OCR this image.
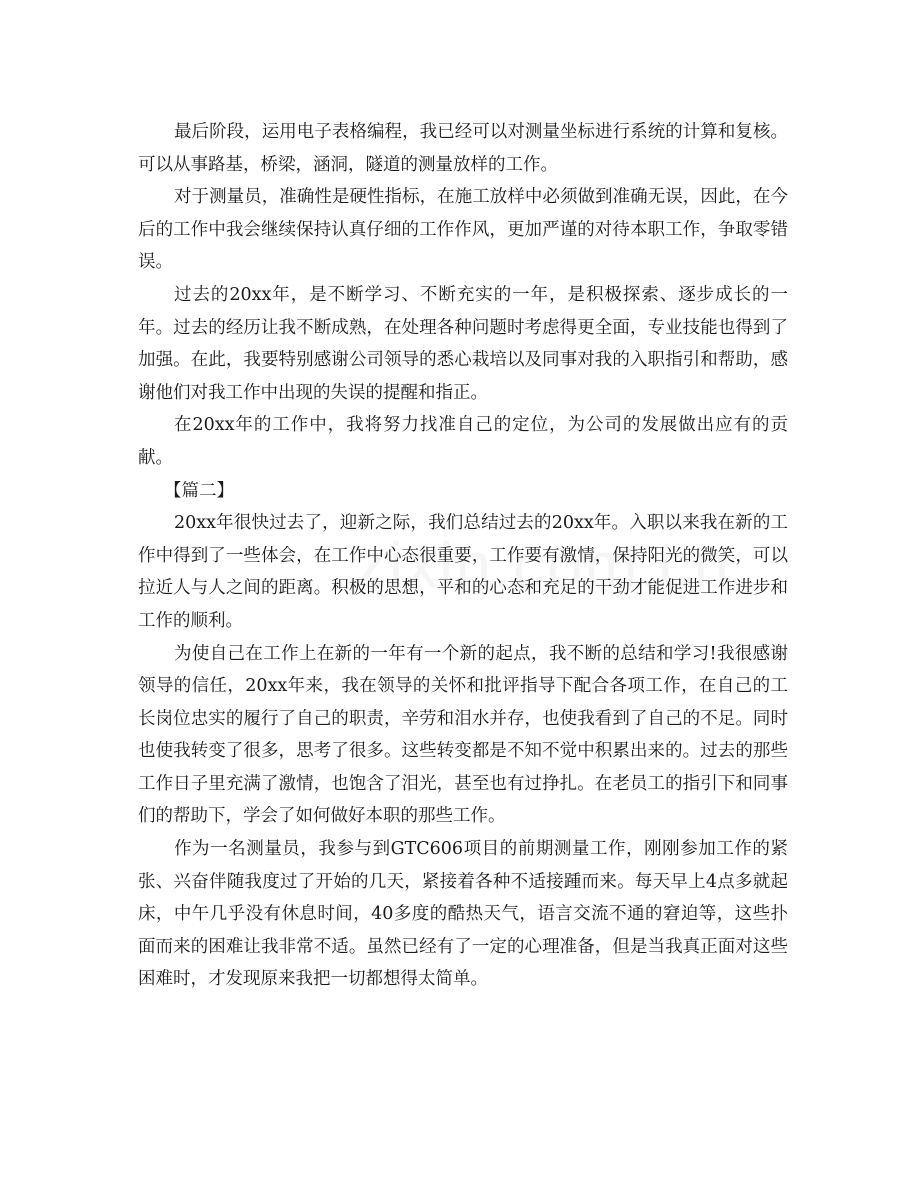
最后阶段，运用电子表格编程，我已经可以对测量坐标进行系统的计算和复核。可以从事路基，桥梁，涵洞，隧道的测量放样的工作。

对于测量员，准确性是硬性指标，在施工放样中必须做到准确无误，因此，在今后的工作中我会继续保持认真仔细的工作作风，更加严谨的对待本职工作，争取零错误。

过去的20xx年，是不断学习、不断充实的一年，是积极探索、逐步成长的一年。过去的经历让我不断成熟，在处理各种问题时考虑得更全面，专业技能也得到了加强。在此，我要特别感谢公司领导的悉心栽培以及同事对我的入职指引和帮助，感谢他们对我工作中出现的失误的提醒和指正。

在20xx年的工作中，我将努力找准自己的定位，为公司的发展做出应有的贡献。

【篇二】

20xx年很快过去了，迎新之际，我们总结过去的20xx年。入职以来我在新的工作中得到了一些体会，在工作中心态很重要，工作要有激情，保持阳光的微笑，可以拉近人与人之间的距离。积极的思想，平和的心态和充足的干劲才能促进工作进步和工作的顺利。

为使自己在工作上在新的一年有一个新的起点，我不断的总结和学习!我很感谢领导的信任，20xx年来，我在领导的关怀和批评指导下配合各项工作，在自己的工长岗位忠实的履行了自己的职责，辛劳和泪水并存，也使我看到了自己的不足。同时也使我转变了很多，思考了很多。这些转变都是不知不觉中积累出来的。过去的那些工作日子里充满了激情，也饱含了泪光，甚至也有过挣扎。在老员工的指引下和同事们的帮助下，学会了如何做好本职的那些工作。

作为一名测量员，我参与到GTC606项目的前期测量工作，刚刚参加工作的紧张、兴奋伴随我度过了开始的几天，紧接着各种不适接踵而来。每天早上4点多就起床，中午几乎没有休息时间，40多度的酷热天气，语言交流不通的窘迫等，这些扑面而来的困难让我非常不适。虽然已经有了一定的心理准备，但是当我真正面对这些困难时，才发现原来我把一切都想得太简单。
